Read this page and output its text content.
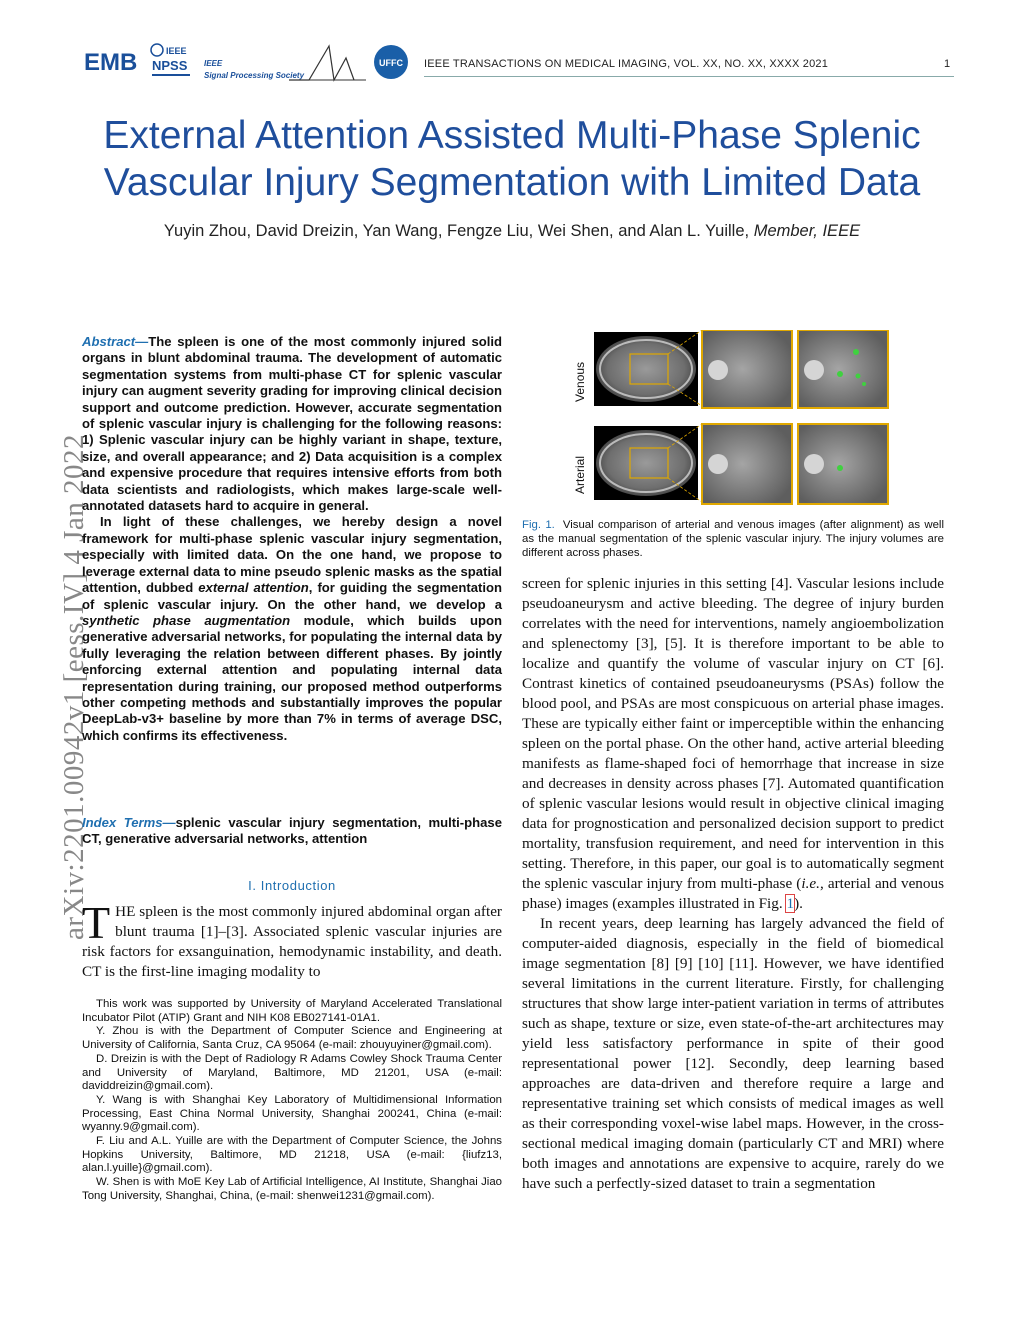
EMB	IEEE
NPSS IEEE
Signal Processing Society
UFFC IEEE TRANSACTIONS ON MEDICAL IMAGING, VOL. XX, NO. XX, XXXX 2021	1
External Attention Assisted Multi-Phase Splenic
Vascular Injury Segmentation with Limited Data
Yuyin Zhou, David Dreizin, Yan Wang, Fengze Liu, Wei Shen, and Alan L. Yuille, Member, IEEE
arXiv:2201.00942v1 [eess.IV] 4 Jan 2022

Abstract—The spleen is one of the most commonly injured solid organs in blunt abdominal trauma. The development of automatic segmentation systems from multi-phase CT for splenic vascular injury can augment severity grading for improving clinical decision support and outcome prediction. However, accurate segmentation of splenic vascular injury is challenging for the following reasons: 1) Splenic vascular injury can be highly variant in shape, texture, size, and overall appearance; and 2) Data acquisition is a complex and expensive procedure that requires intensive efforts from both data scientists and radiologists, which makes large-scale well-annotated datasets hard to acquire in general.

In light of these challenges, we hereby design a novel framework for multi-phase splenic vascular injury segmentation, especially with limited data. On the one hand, we propose to leverage external data to mine pseudo splenic masks as the spatial attention, dubbed external attention, for guiding the segmentation of splenic vascular injury. On the other hand, we develop a synthetic phase augmentation module, which builds upon generative adversarial networks, for populating the internal data by fully leveraging the relation between different phases. By jointly enforcing external attention and populating internal data representation during training, our proposed method outperforms other competing methods and substantially improves the popular DeepLab-v3+ baseline by more than 7% in terms of average DSC, which confirms its effectiveness.

Index Terms—splenic vascular injury segmentation, multi-phase CT, generative adversarial networks, attention
I. Introduction
THE spleen is the most commonly injured abdominal organ after blunt trauma [1]–[3]. Associated splenic vascular injuries are risk factors for exsanguination, hemodynamic instability, and death. CT is the first-line imaging modality to

This work was supported by University of Maryland Accelerated Translational Incubator Pilot (ATIP) Grant and NIH K08 EB027141-01A1.

Y. Zhou is with the Department of Computer Science and Engineering at University of California, Santa Cruz, CA 95064 (e-mail: zhouyuyiner@gmail.com).

D. Dreizin is with the Dept of Radiology R Adams Cowley Shock Trauma Center and University of Maryland, Baltimore, MD 21201, USA (e-mail: daviddreizin@gmail.com).

Y. Wang is with Shanghai Key Laboratory of Multidimensional Information Processing, East China Normal University, Shanghai 200241, China (e-mail: wyanny.9@gmail.com).

F. Liu and A.L. Yuille are with the Department of Computer Science, the Johns Hopkins University, Baltimore, MD 21218, USA (e-mail: {liufz13, alan.l.yuille}@gmail.com).

W. Shen is with MoE Key Lab of Artificial Intelligence, AI Institute, Shanghai Jiao Tong University, Shanghai, China, (e-mail: shenwei1231@gmail.com).

Venous
Arterial
Fig. 1. Visual comparison of arterial and venous images (after alignment) as well as the manual segmentation of the splenic vascular injury. The injury volumes are different across phases.

screen for splenic injuries in this setting [4]. Vascular lesions include pseudoaneurysm and active bleeding. The degree of injury burden correlates with the need for interventions, namely angioembolization and splenectomy [3], [5]. It is therefore important to be able to localize and quantify the volume of vascular injury on CT [6]. Contrast kinetics of contained pseudoaneurysms (PSAs) follow the blood pool, and PSAs are most conspicuous on arterial phase images. These are typically either faint or imperceptible within the enhancing spleen on the portal phase. On the other hand, active arterial bleeding manifests as flame-shaped foci of hemorrhage that increase in size and decreases in density across phases [7]. Automated quantification of splenic vascular lesions would result in objective clinical imaging data for prognostication and personalized decision support to predict mortality, transfusion requirement, and need for intervention in this setting. Therefore, in this paper, our goal is to automatically segment the splenic vascular injury from multi-phase (i.e., arterial and venous phase) images (examples illustrated in Fig. 1).

In recent years, deep learning has largely advanced the field of computer-aided diagnosis, especially in the field of biomedical image segmentation [8] [9] [10] [11]. However, we have identified several limitations in the current literature. Firstly, for challenging structures that show large inter-patient variation in terms of attributes such as shape, texture or size, even state-of-the-art architectures may yield less satisfactory performance in spite of their good representational power [12]. Secondly, deep learning based approaches are data-driven and therefore require a large and representative training set which consists of medical images as well as their corresponding voxel-wise label maps. However, in the cross-sectional medical imaging domain (particularly CT and MRI) where both images and annotations are expensive to acquire, rarely do we have such a perfectly-sized dataset to train a segmentation
